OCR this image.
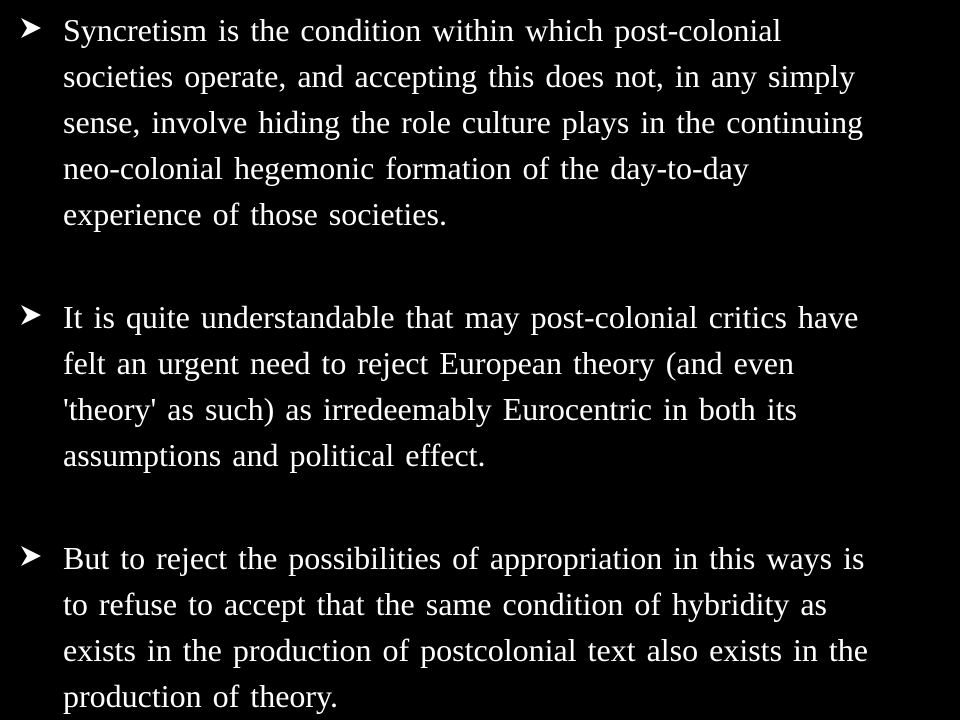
Syncretism is the condition within which post-colonial
societies operate, and accepting this does not, in any simply
sense, involve hiding the role culture plays in the continuing
neo-colonial hegemonic formation of the day-to-day
experience of those societies.
It is quite understandable that may post-colonial critics have
felt an urgent need to reject European theory (and even
'theory' as such) as irredeemably Eurocentric in both its
assumptions and political effect.
But to reject the possibilities of appropriation in this ways is
to refuse to accept that the same condition of hybridity as
exists in the production of postcolonial text also exists in the
production of theory.
